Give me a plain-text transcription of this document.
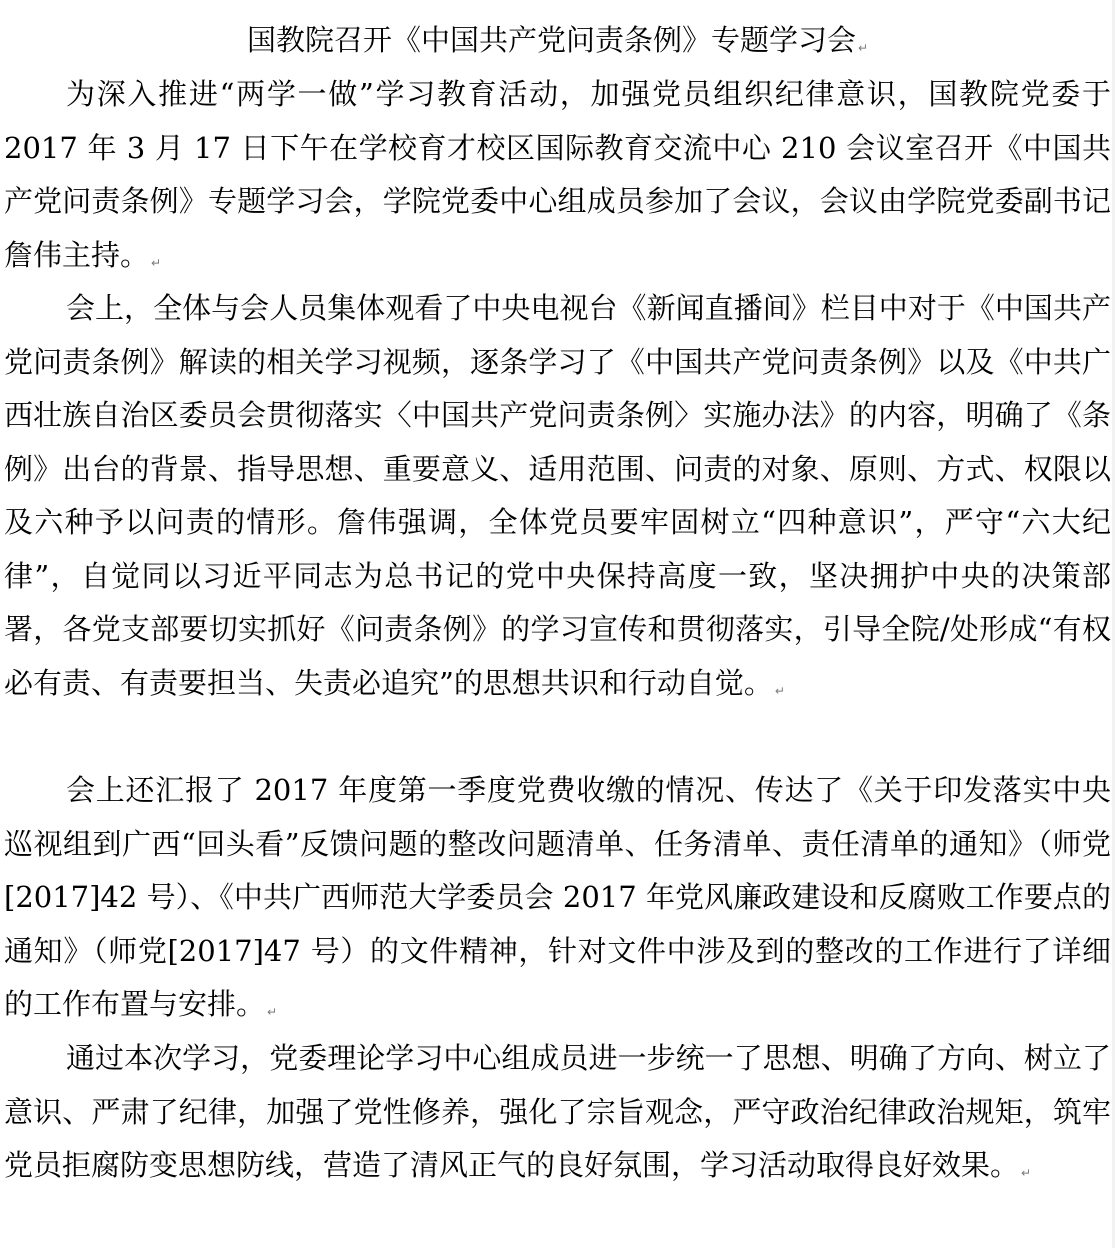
国教院召开《中国共产党问责条例》专题学习会 ↵

为深入推进“两学一做”学习教育活动，加强党员组织纪律意识，国教院党委于 2017 年 3 月 17 日下午在学校育才校区国际教育交流中心 210 会议室召开《中国共产党问责条例》专题学习会，学院党委中心组成员参加了会议，会议由学院党委副书记詹伟主持。 ↵

会上，全体与会人员集体观看了中央电视台《新闻直播间》栏目中对于《中国共产党问责条例》解读的相关学习视频，逐条学习了《中国共产党问责条例》以及《中共广西壮族自治区委员会贯彻落实〈中国共产党问责条例〉实施办法》的内容，明确了《条例》出台的背景、指导思想、重要意义、适用范围、问责的对象、原则、方式、权限以及六种予以问责的情形。詹伟强调，全体党员要牢固树立“四种意识”，严守“六大纪律”，自觉同以习近平同志为总书记的党中央保持高度一致，坚决拥护中央的决策部署，各党支部要切实抓好《问责条例》的学习宣传和贯彻落实，引导全院/处形成“有权必有责、有责要担当、失责必追究”的思想共识和行动自觉。 ↵

会上还汇报了 2017 年度第一季度党费收缴的情况、传达了《关于印发落实中央巡视组到广西“回头看”反馈问题的整改问题清单、任务清单、责任清单的通知》（师党[2017]42 号）、《中共广西师范大学委员会 2017 年党风廉政建设和反腐败工作要点的通知》（师党[2017]47 号）的文件精神，针对文件中涉及到的整改的工作进行了详细的工作布置与安排。 ↵

通过本次学习，党委理论学习中心组成员进一步统一了思想、明确了方向、树立了意识、严肃了纪律，加强了党性修养，强化了宗旨观念，严守政治纪律政治规矩，筑牢党员拒腐防变思想防线，营造了清风正气的良好氛围，学习活动取得良好效果。 ↵
